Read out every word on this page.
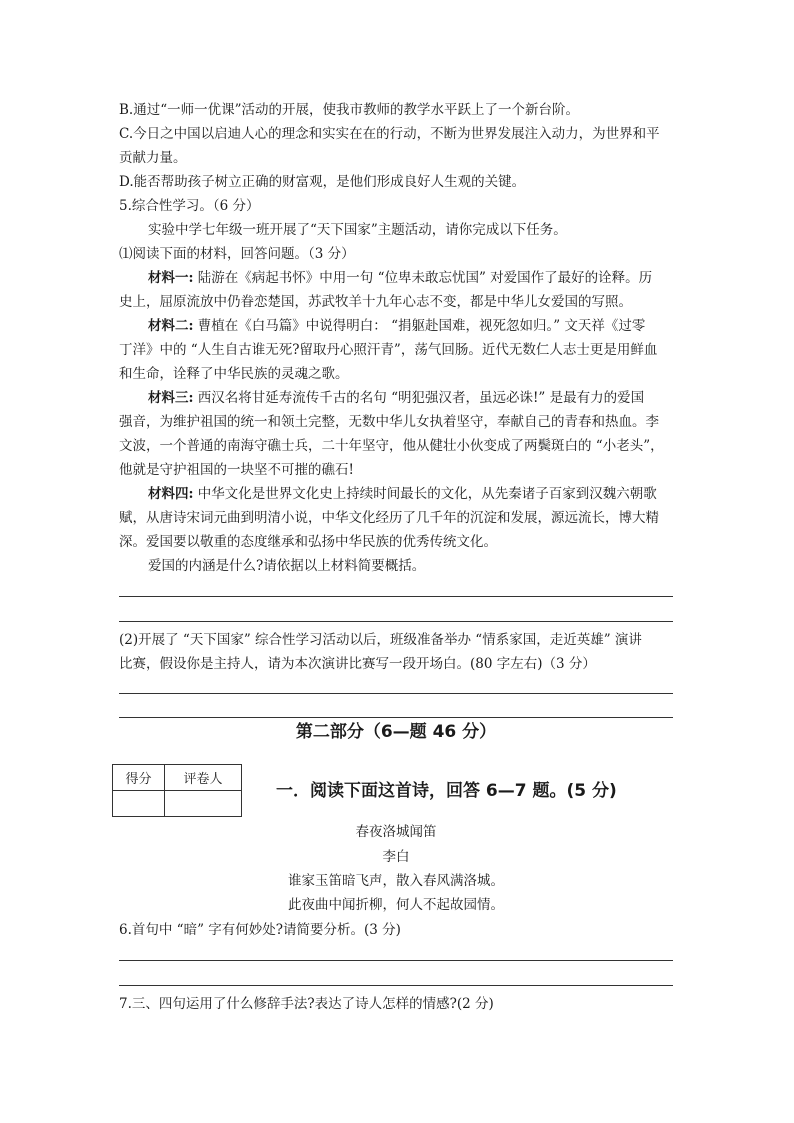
B.通过“一师一优课”活动的开展，使我市教师的教学水平跃上了一个新台阶。
C.今日之中国以启迪人心的理念和实实在在的行动，不断为世界发展注入动力，为世界和平
贡献力量。
D.能否帮助孩子树立正确的财富观，是他们形成良好人生观的关键。
5.综合性学习。（6 分）
实验中学七年级一班开展了“天下国家”主题活动，请你完成以下任务。
⑴阅读下面的材料，回答问题。（3 分）
材料一: 陆游在《病起书怀》中用一句 “位卑未敢忘忧国” 对爱国作了最好的诠释。历
史上，屈原流放中仍眷恋楚国，苏武牧羊十九年心志不变，都是中华儿女爱国的写照。
材料二: 曹植在《白马篇》中说得明白： “捐躯赴国难，视死忽如归。” 文天祥《过零
丁洋》中的 “人生自古谁无死?留取丹心照汗青”，荡气回肠。近代无数仁人志士更是用鲜血
和生命，诠释了中华民族的灵魂之歌。
材料三: 西汉名将甘延寿流传千古的名句 “明犯强汉者，虽远必诛!” 是最有力的爱国
强音，为维护祖国的统一和领土完整，无数中华儿女执着坚守，奉献自己的青春和热血。李
文波，一个普通的南海守礁士兵，二十年坚守，他从健壮小伙变成了两鬓斑白的 “小老头”，
他就是守护祖国的一块坚不可摧的礁石!
材料四: 中华文化是世界文化史上持续时间最长的文化，从先秦诸子百家到汉魏六朝歌
赋，从唐诗宋词元曲到明清小说，中华文化经历了几千年的沉淀和发展，源远流长，博大精
深。爱国要以敬重的态度继承和弘扬中华民族的优秀传统文化。
爱国的内涵是什么?请依据以上材料简要概括。
(2)开展了 “天下国家” 综合性学习活动以后，班级准备举办 “情系家国，走近英雄” 演讲
比赛，假设你是主持人，请为本次演讲比赛写一段开场白。(80 字左右)（3 分）
第二部分（6—题 46 分）
得分	评卷人

一．阅读下面这首诗，回答 6—7 题。(5 分)
春夜洛城闻笛
李白
谁家玉笛暗飞声，散入春风满洛城。
此夜曲中闻折柳，何人不起故园情。
6.首句中 “暗” 字有何妙处?请简要分析。(3 分)
7.三、四句运用了什么修辞手法?表达了诗人怎样的情感?(2 分)
